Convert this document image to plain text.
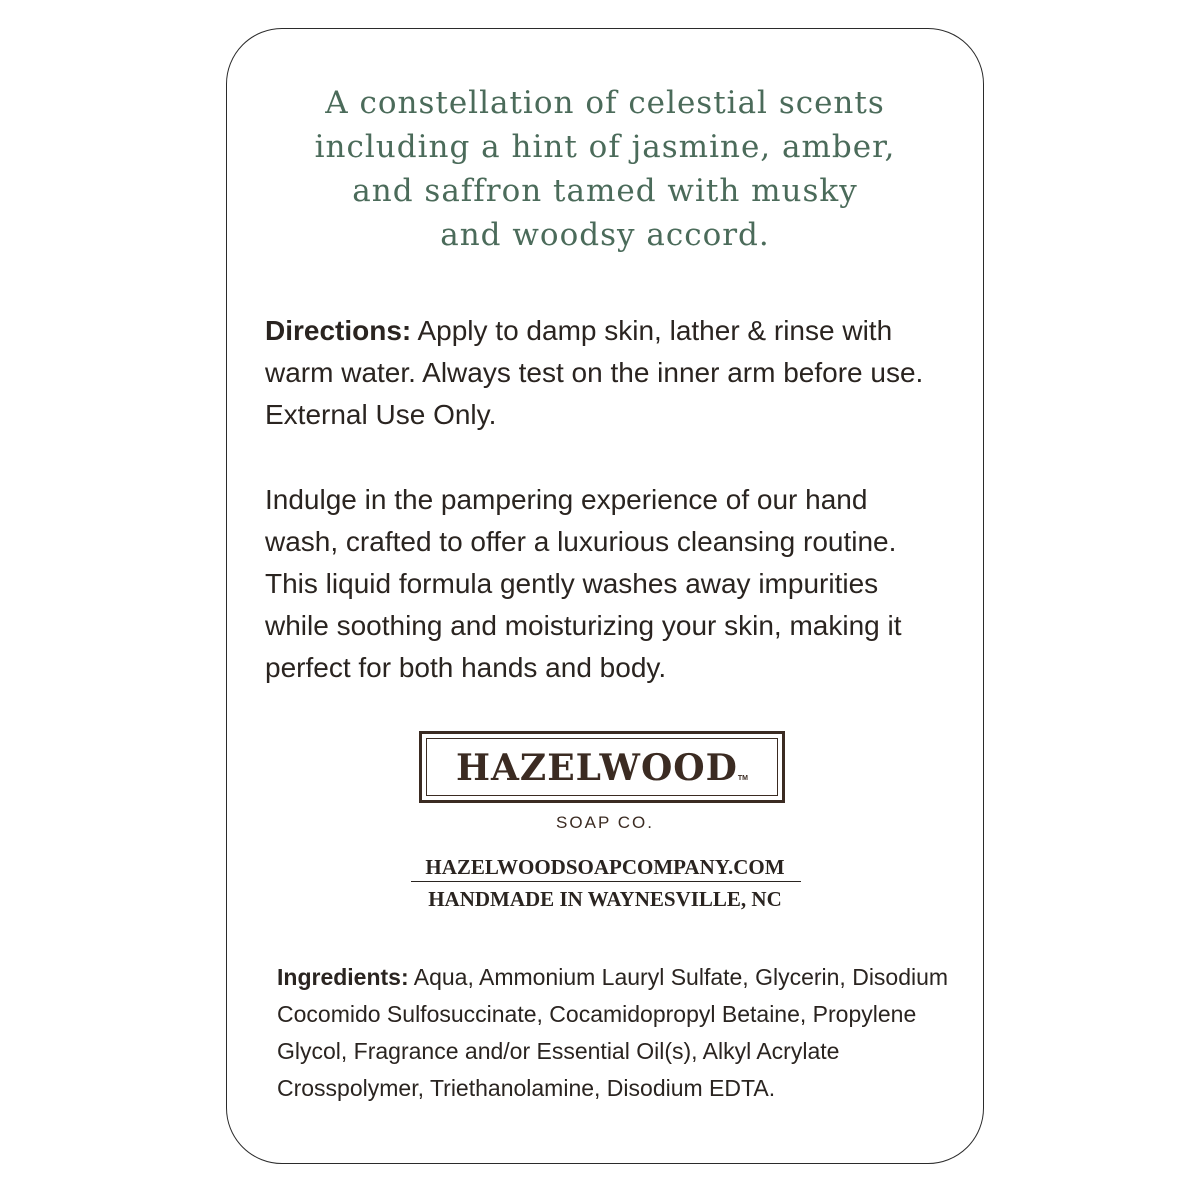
A constellation of celestial scents
including a hint of jasmine, amber,
and saffron tamed with musky
and woodsy accord.
Directions: Apply to damp skin, lather & rinse with
warm water. Always test on the inner arm before use.
External Use Only.
Indulge in the pampering experience of our hand
wash, crafted to offer a luxurious cleansing routine.
This liquid formula gently washes away impurities
while soothing and moisturizing your skin, making it
perfect for both hands and body.
HAZELWOODTM
SOAP CO.
HAZELWOODSOAPCOMPANY.COM
HANDMADE IN WAYNESVILLE, NC
Ingredients: Aqua, Ammonium Lauryl Sulfate, Glycerin, Disodium
Cocomido Sulfosuccinate, Cocamidopropyl Betaine, Propylene
Glycol, Fragrance and/or Essential Oil(s), Alkyl Acrylate
Crosspolymer, Triethanolamine, Disodium EDTA.
